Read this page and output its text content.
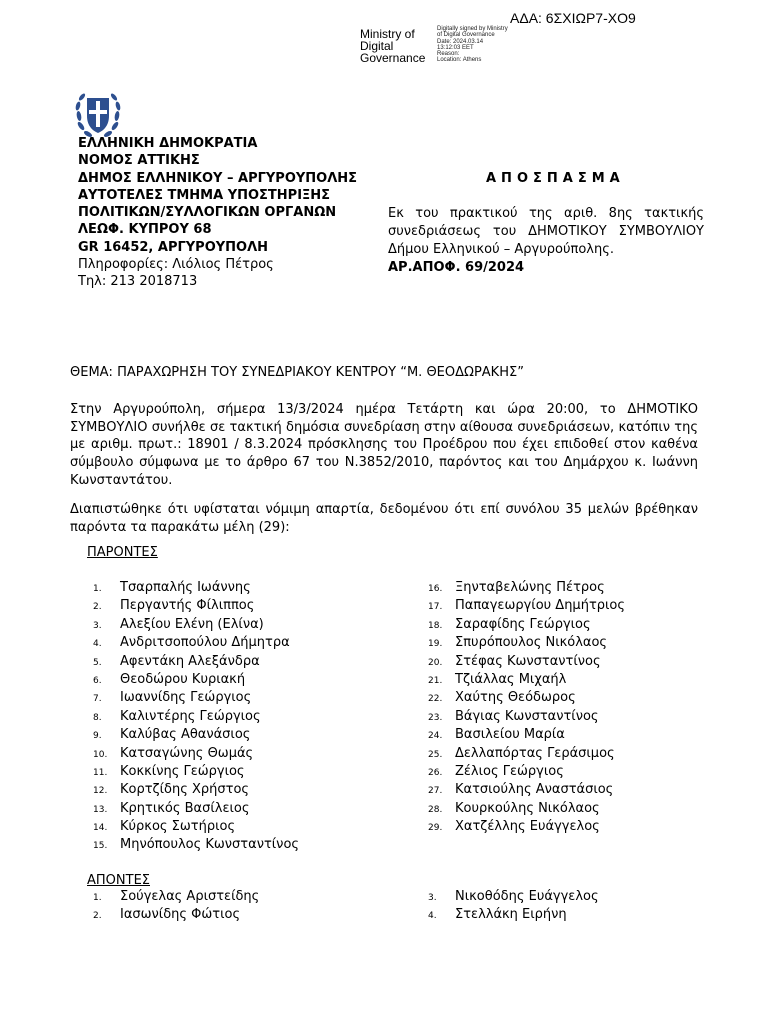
ΑΔΑ: 6ΣΧΙΩΡ7-ΧΟ9
Ministry of
Digital
Governance
Digitally signed by Ministry
of Digital Governance
Date: 2024.03.14
13:12:03 EET
Reason:
Location: Athens
ΕΛΛΗΝΙΚΗ ΔΗΜΟΚΡΑΤΙΑ
ΝΟΜΟΣ ΑΤΤΙΚΗΣ
ΔΗΜΟΣ ΕΛΛΗΝΙΚΟΥ – ΑΡΓΥΡΟΥΠΟΛΗΣ
ΑΥΤΟΤΕΛΕΣ ΤΜΗΜΑ ΥΠΟΣΤΗΡΙΞΗΣ
ΠΟΛΙΤΙΚΩΝ/ΣΥΛΛΟΓΙΚΩΝ ΟΡΓΑΝΩΝ
ΛΕΩΦ. ΚΥΠΡΟΥ 68
GR 16452, ΑΡΓΥΡΟΥΠΟΛΗ
Πληροφορίες: Λιόλιος Πέτρος
Τηλ: 213 2018713
ΑΠΟΣΠΑΣΜΑ
Εκ του πρακτικού της αριθ. 8ης τακτικής συνεδριάσεως του ΔΗΜΟΤΙΚΟΥ ΣΥΜΒΟΥΛΙΟΥ Δήμου Ελληνικού – Αργυρούπολης.
ΑΡ.ΑΠΟΦ. 69/2024
ΘΕΜΑ: ΠΑΡΑΧΩΡΗΣΗ ΤΟΥ ΣΥΝΕΔΡΙΑΚΟΥ ΚΕΝΤΡΟΥ “Μ. ΘΕΟΔΩΡΑΚΗΣ”
Στην Αργυρούπολη, σήμερα 13/3/2024 ημέρα Τετάρτη και ώρα 20:00, το ΔΗΜΟΤΙΚΟ ΣΥΜΒΟΥΛΙΟ συνήλθε σε τακτική δημόσια συνεδρίαση στην αίθουσα συνεδριάσεων, κατόπιν της με αριθμ. πρωτ.: 18901 / 8.3.2024 πρόσκλησης του Προέδρου που έχει επιδοθεί στον καθένα σύμβουλο σύμφωνα με το άρθρο 67 του Ν.3852/2010, παρόντος και του Δημάρχου κ. Ιωάννη Κωνσταντάτου.
Διαπιστώθηκε ότι υφίσταται νόμιμη απαρτία, δεδομένου ότι επί συνόλου 35 μελών βρέθηκαν παρόντα τα παρακάτω μέλη (29):
ΠΑΡΟΝΤΕΣ
1. Τσαρπαλής Ιωάννης
2. Περγαντής Φίλιππος
3. Αλεξίου Ελένη (Ελίνα)
4. Ανδριτσοπούλου Δήμητρα
5. Αφεντάκη Αλεξάνδρα
6. Θεοδώρου Κυριακή
7. Ιωαννίδης Γεώργιος
8. Καλιντέρης Γεώργιος
9. Καλύβας Αθανάσιος
10. Κατσαγώνης Θωμάς
11. Κοκκίνης Γεώργιος
12. Κορτζίδης Χρήστος
13. Κρητικός Βασίλειος
14. Κύρκος Σωτήριος
15. Μηνόπουλος Κωνσταντίνος
16. Ξηνταβελώνης Πέτρος
17. Παπαγεωργίου Δημήτριος
18. Σαραφίδης Γεώργιος
19. Σπυρόπουλος Νικόλαος
20. Στέφας Κωνσταντίνος
21. Τζιάλλας Μιχαήλ
22. Χαύτης Θεόδωρος
23. Βάγιας Κωνσταντίνος
24. Βασιλείου Μαρία
25. Δελλαπόρτας Γεράσιμος
26. Ζέλιος Γεώργιος
27. Κατσιούλης Αναστάσιος
28. Κουρκούλης Νικόλαος
29. Χατζέλλης Ευάγγελος
ΑΠΟΝΤΕΣ
1. Σούγελας Αριστείδης
2. Ιασωνίδης Φώτιος
3. Νικοθόδης Ευάγγελος
4. Στελλάκη Ειρήνη
